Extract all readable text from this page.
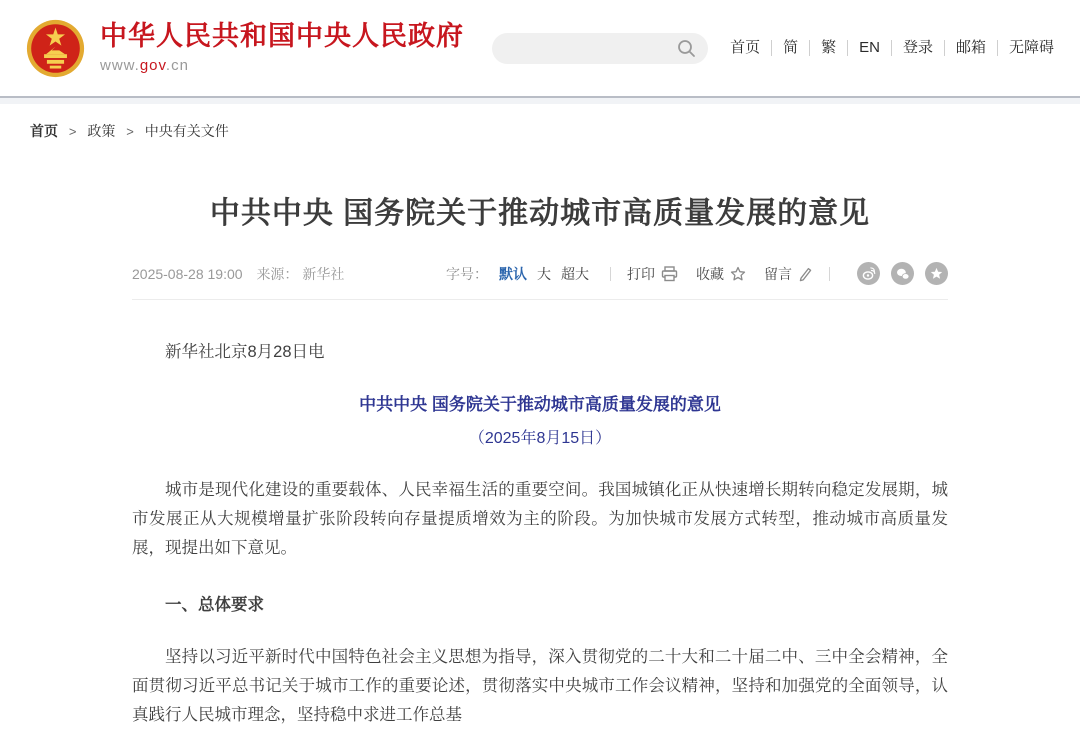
中华人民共和国中央人民政府
www.gov.cn
首页	简	繁	EN	登录	邮箱	无障碍
首页 > 政策 > 中央有关文件
中共中央 国务院关于推动城市高质量发展的意见
2025-08-28 19:00 来源： 新华社	字号： 默认 大 超大	打印	收藏	留言

新华社北京8月28日电

中共中央 国务院关于推动城市高质量发展的意见

（2025年8月15日）

城市是现代化建设的重要载体、人民幸福生活的重要空间。我国城镇化正从快速增长期转向稳定发展期，城市发展正从大规模增量扩张阶段转向存量提质增效为主的阶段。为加快城市发展方式转型，推动城市高质量发展，现提出如下意见。

一、总体要求

坚持以习近平新时代中国特色社会主义思想为指导，深入贯彻党的二十大和二十届二中、三中全会精神，全面贯彻习近平总书记关于城市工作的重要论述，贯彻落实中央城市工作会议精神，坚持和加强党的全面领导，认真践行人民城市理念，坚持稳中求进工作总基
